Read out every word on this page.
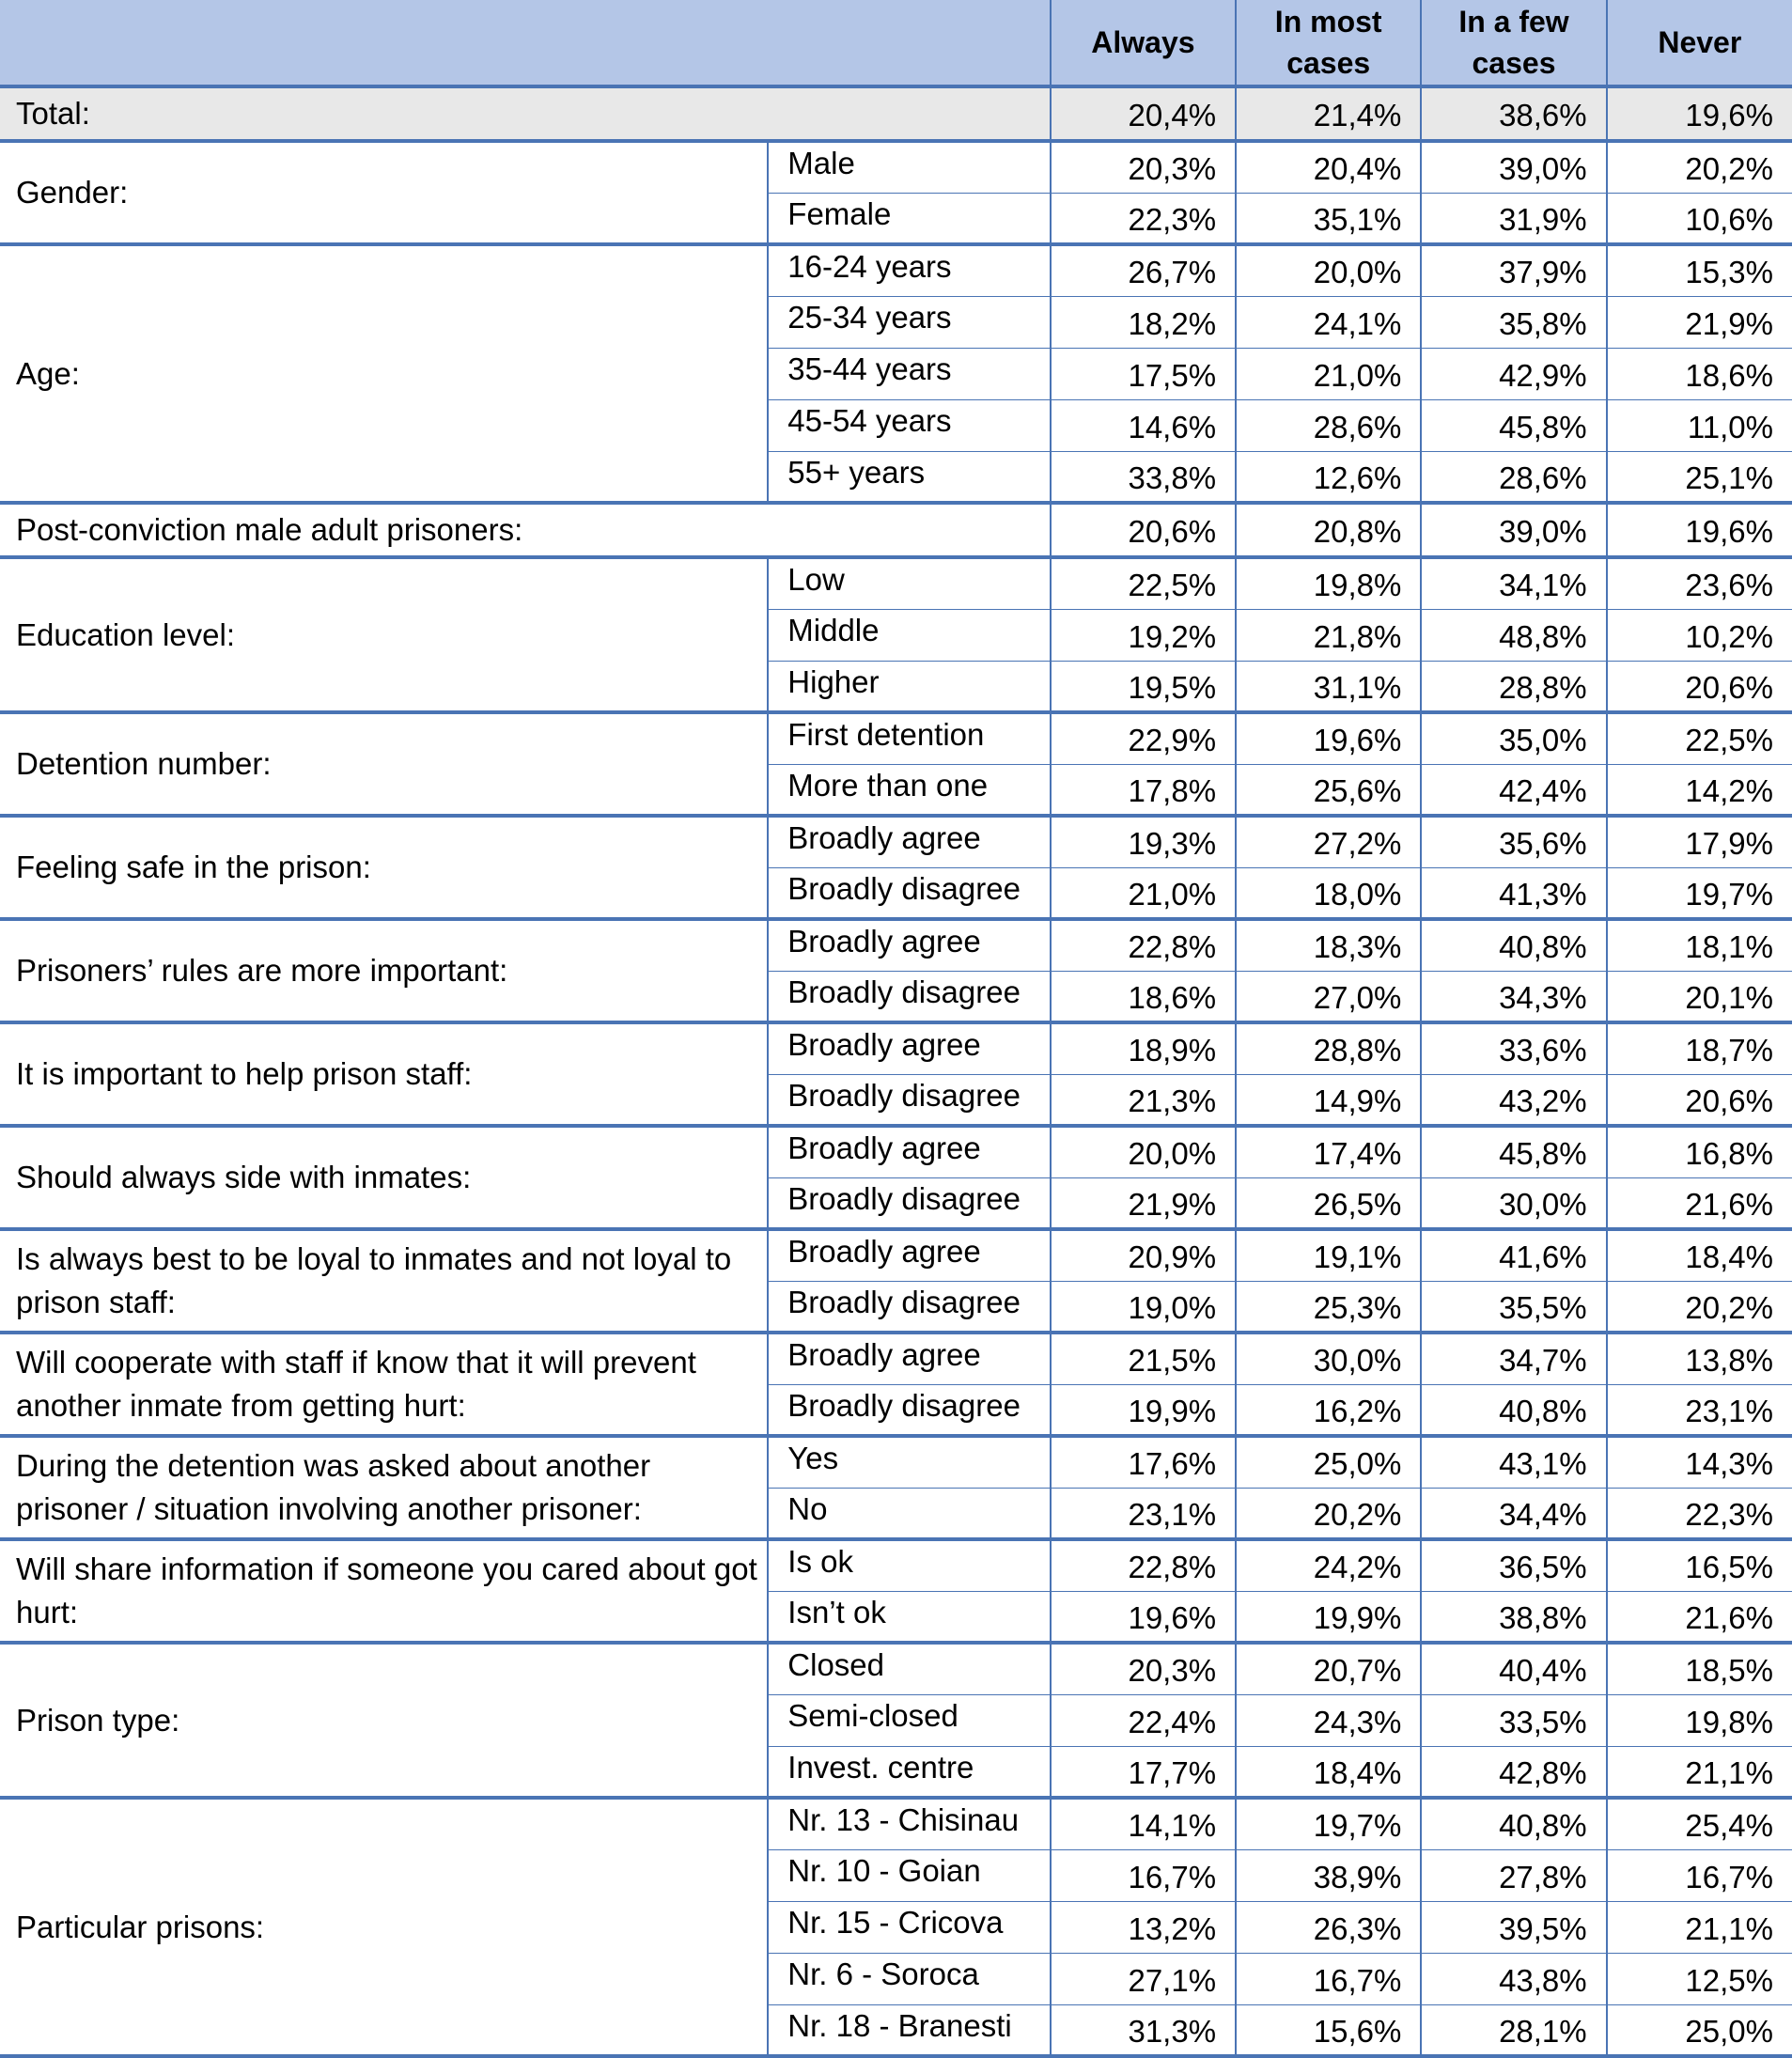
		Always	In most cases	In a few cases	Never
Total:		20,4%	21,4%	38,6%	19,6%
Gender:	Male	20,3%	20,4%	39,0%	20,2%
	Female	22,3%	35,1%	31,9%	10,6%
Age:	16-24 years	26,7%	20,0%	37,9%	15,3%
	25-34 years	18,2%	24,1%	35,8%	21,9%
	35-44 years	17,5%	21,0%	42,9%	18,6%
	45-54 years	14,6%	28,6%	45,8%	11,0%
	55+ years	33,8%	12,6%	28,6%	25,1%
Post-conviction male adult prisoners:		20,6%	20,8%	39,0%	19,6%
Education level:	Low	22,5%	19,8%	34,1%	23,6%
	Middle	19,2%	21,8%	48,8%	10,2%
	Higher	19,5%	31,1%	28,8%	20,6%
Detention number:	First detention	22,9%	19,6%	35,0%	22,5%
	More than one	17,8%	25,6%	42,4%	14,2%
Feeling safe in the prison:	Broadly agree	19,3%	27,2%	35,6%	17,9%
	Broadly disagree	21,0%	18,0%	41,3%	19,7%
Prisoners’ rules are more important:	Broadly agree	22,8%	18,3%	40,8%	18,1%
	Broadly disagree	18,6%	27,0%	34,3%	20,1%
It is important to help prison staff:	Broadly agree	18,9%	28,8%	33,6%	18,7%
	Broadly disagree	21,3%	14,9%	43,2%	20,6%
Should always side with inmates:	Broadly agree	20,0%	17,4%	45,8%	16,8%
	Broadly disagree	21,9%	26,5%	30,0%	21,6%
Is always best to be loyal to inmates and not loyal to prison staff:	Broadly agree	20,9%	19,1%	41,6%	18,4%
	Broadly disagree	19,0%	25,3%	35,5%	20,2%
Will cooperate with staff if know that it will prevent another inmate from getting hurt:	Broadly agree	21,5%	30,0%	34,7%	13,8%
	Broadly disagree	19,9%	16,2%	40,8%	23,1%
During the detention was asked about another prisoner / situation involving another prisoner:	Yes	17,6%	25,0%	43,1%	14,3%
	No	23,1%	20,2%	34,4%	22,3%
Will share information if someone you cared about got hurt:	Is ok	22,8%	24,2%	36,5%	16,5%
	Isn’t ok	19,6%	19,9%	38,8%	21,6%
Prison type:	Closed	20,3%	20,7%	40,4%	18,5%
	Semi-closed	22,4%	24,3%	33,5%	19,8%
	Invest. centre	17,7%	18,4%	42,8%	21,1%
Particular prisons:	Nr. 13 - Chisinau	14,1%	19,7%	40,8%	25,4%
	Nr. 10 - Goian	16,7%	38,9%	27,8%	16,7%
	Nr. 15 - Cricova	13,2%	26,3%	39,5%	21,1%
	Nr. 6 - Soroca	27,1%	16,7%	43,8%	12,5%
	Nr. 18 - Branesti	31,3%	15,6%	28,1%	25,0%
